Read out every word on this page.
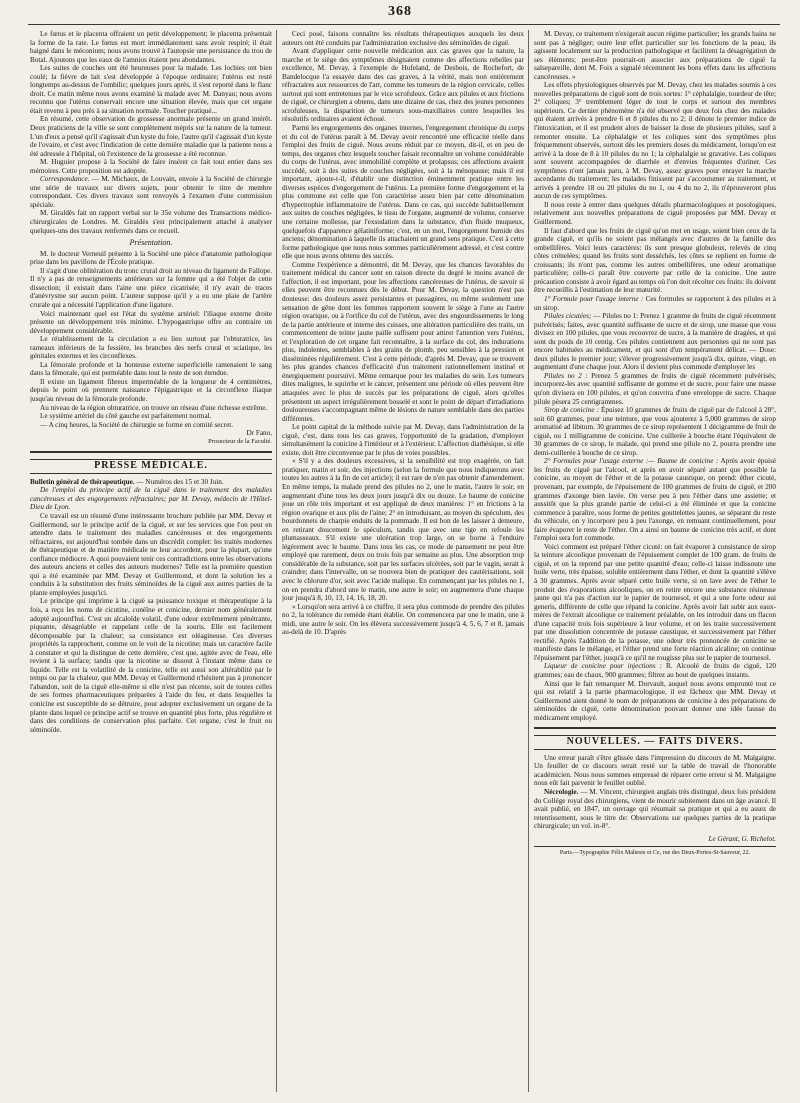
368

Le fœtus et le placenta offraient un petit développement; le placenta présentait la forme de la rate. Le fœtus est mort immédiatement sans avoir respiré; il était baigné dans le méconium; nous avons trouvé à l'autopsie une persistance du trou de Botal. Ajoutons que les eaux de l'amnios étaient peu abondantes.

Les suites de couches ont été heureuses pour la malade. Les lochies ont bien coulé; la fièvre de lait s'est développée à l'époque ordinaire; l'utérus est resté longtemps au-dessus de l'ombilic; quelques jours après, il s'est reporté dans le flanc droit. Ce matin même nous avons examiné la malade avec M. Danyau; nous avons reconnu que l'utérus conservait encore une situation élevée, mais que cet organe était revenu à peu près à sa situation normale. Toucher pratiqué...

En résumé, cette observation de grossesse anormale présente un grand intérêt. Deux praticiens de la ville se sont complètement mépris sur la nature de la tumeur. L'un d'eux a pensé qu'il s'agissait d'un kyste du foie, l'autre qu'il s'agissait d'un kyste de l'ovaire, et c'est avec l'indication de cette dernière maladie que la patiente nous a été adressée à l'hôpital, où l'existence de la grossesse a été reconnue.

M. Huguier propose à la Société de faire insérer ce fait tout entier dans ses mémoires. Cette proposition est adoptée.

Correspondance. — M. Michaux, de Louvain, envoie à la Société de chirurgie une série de travaux sur divers sujets, pour obtenir le titre de membre correspondant. Ces divers travaux sont renvoyés à l'examen d'une commission spéciale.

M. Giraldès fait un rapport verbal sur le 35e volume des Transactions médico-chirurgicales de Londres. M. Giraldès s'est principalement attaché à analyser quelques-uns des travaux renfermés dans ce recueil.

Présentation.

M. le docteur Verneuil présente à la Société une pièce d'anatomie pathologique prise dans les pavillons de l'École pratique.

Il s'agit d'une oblitération du tronc crural droit au niveau du ligament de Fallope. Il n'y a pas de renseignements antérieurs sur la femme qui a été l'objet de cette dissection; il existait dans l'aine une pièce cicatrisée; il n'y avait de traces d'anévrysme sur aucun point. L'auteur suppose qu'il y a eu une plaie de l'artère crurale qui a nécessité l'application d'une ligature.

Voici maintenant quel est l'état du système artériel: l'iliaque externe droite présente un développement très minime. L'hypogastrique offre au contraire un développement considérable.

Le rétablissement de la circulation a eu lieu surtout par l'obturatrice, les rameaux inférieurs de la fessière, les branches des nerfs crural et sciatique, les génitales externes et les circonflexes.

La fémorale profonde et la honteuse externe superficielle ramenaient le sang dans la fémorale, qui est perméable dans tout le reste de son étendue.

Il existe un ligament fibreux imperméable de la longueur de 4 centimètres, depuis le point où prennent naissance l'épigastrique et la circonflexe iliaque jusqu'au niveau de la fémorale profonde.

Au niveau de la région obturatrice, on trouve un réseau d'une richesse extrême.

Le système artériel du côté gauche est parfaitement normal.

— A cinq heures, la Société de chirurgie se forme en comité secret.

Dr Fano,

Prosecteur de la Faculté.

PRESSE MÉDICALE.

Bulletin général de thérapeutique. — Numéros des 15 et 30 Juin.

De l'emploi du principe actif de la ciguë dans le traitement des maladies cancéreuses et des engorgements réfractaires; par M. Devay, médecin de l'Hôtel-Dieu de Lyon.

Ce travail est un résumé d'une intéressante brochure publiée par MM. Devay et Guillermond, sur le principe actif de la ciguë, et sur les services que l'on peut en attendre dans le traitement des maladies cancéreuses et des engorgements réfractaires, est aujourd'hui tombée dans un discrédit complet: les traités modernes de thérapeutique et de matière médicale ne leur accordent, pour la plupart, qu'une confiance médiocre. A quoi pouvaient tenir ces contradictions entre les observations des auteurs anciens et celles des auteurs modernes? Telle est la première question qui a été examinée par MM. Devay et Guillermond, et dont la solution les a conduits à la substitution des fruits séminoïdes de la ciguë aux autres parties de la plante employées jusqu'ici.

Le principe qui imprime à la ciguë sa puissance toxique et thérapeutique à la fois, a reçu les noms de cicutine, conéïne et conicine, dernier nom généralement adopté aujourd'hui. C'est un alcaloïde volatil, d'une odeur extrêmement pénétrante, piquante, désagréable et rappelant celle de la souris. Elle est facilement décomposable par la chaleur; sa consistance est oléagineuse. Ces diverses propriétés la rapprochent, comme on le voit de la nicotine; mais un caractère facile à constater et qui la distingue de cette dernière, c'est que, agitée avec de l'eau, elle revient à la surface; tandis que la nicotine se dissout à l'instant même dans ce liquide. Telle est la volatilité de la conicine, telle est aussi son altérabilité par le temps ou par la chaleur, que MM. Devay et Guillermond n'hésitent pas à prononcer l'abandon, soit de la ciguë elle-même si elle n'est pas récente, soit de toutes celles de ses formes pharmaceutiques préparées à l'aide du feu, et dans lesquelles la conicine est susceptible de se détruire, pour adopter exclusivement un organe de la plante dans lequel ce principe actif se trouve en quantité plus forte, plus régulière et dans des conditions de conservation plus parfaite. Cet organe, c'est le fruit ou séminoïde.

Ceci posé, faisons connaître les résultats thérapeutiques auxquels les deux auteurs ont été conduits par l'administration exclusive des séminoïdes de ciguë.

Avant d'appliquer cette nouvelle médication aux cas graves que la nature, la marche et le siège des symptômes désignaient comme des affections rebelles par excellence, M. Devay, à l'exemple de Hufeland, de Desbois, de Rochefort, de Bandelocque l'a essayée dans des cas graves, à la vérité, mais non entièrement réfractaires aux ressources de l'art, comme les tumeurs de la région cervicale, celles surtout qui sont entretenues par le vice scrofuleux. Grâce aux pilules et aux frictions de ciguë, ce chirurgien a obtenu, dans une dizaine de cas, chez des jeunes personnes scrofuleuses, la disparition de tumeurs sous-maxillaires contre lesquelles les résolutifs ordinaires avaient échoué.

Parmi les engorgements des organes internes, l'engorgement chronique du corps et du col de l'utérus paraît à M. Devay avoir rencontré une efficacité réelle dans l'emploi des fruits de ciguë. Nous avons réduit par ce moyen, dit-il, et en peu de temps, des organes chez lesquels toucher faisait reconnaître un volume considérable du corps de l'utérus, avec immobilité complète et prolapsus; ces affections avaient succédé, soit à des suites de couches négligées, soit à la ménopause; mais il est important, ajoute-t-il, d'établir une distinction éminemment pratique entre les diverses espèces d'engorgement de l'utérus. La première forme d'engorgement et la plus commune est celle que l'on caractérise assez bien par cette dénomination d'hypertrophie inflammatoire de l'utérus. Dans ce cas, qui succède habituellement aux suites de couches négligées, le tissu de l'organe, augmenté de volume, conserve une certaine mollesse, par l'exsudation dans la substance, d'un fluide muqueux, quelquefois d'apparence gélatiniforme; c'est, en un mot, l'engorgement humide des anciens; dénomination à laquelle ils attachaient un grand sens pratique. C'est à cette forme pathologique que nous nous sommes particulièrement adressé, et c'est contre elle que nous avons obtenu des succès.

Comme l'expérience a démontré, dit M. Devay, que les chances favorables du traitement médical du cancer sont en raison directe du degré le moins avancé de l'affection, il est important, pour les affections cancéreuses de l'utérus, de savoir si elles peuvent être reconnues dès le début. Pour M. Devay, la question n'est pas douteuse: des douleurs assez persistantes et passagères, ou même seulement une sensation de gêne dont les femmes rapportent souvent le siège à l'une au l'autre région ovarique, ou à l'orifice du col de l'utérus, avec des engourdissements le long de la partie antérieure et interne des cuisses, une altération particulière des traits, un commencement de teinte jaune paille suffisent pour attirer l'attention vers l'utérus, et l'exploration de cet organe fait reconnaître, à la surface du col, des indurations plus, indolentes, semblables à des grains de plomb, peu sensibles à la pression et disséminées régulièrement. C'est à cette période, d'après M. Devay, que se trouvent les plus grandes chances d'efficacité d'un traitement rationnellement institué et énergiquement poursuivi. Même remarque pour les maladies du sein. Les tumeurs dites malignes, le squirrhe et le cancer, présentent une période où elles peuvent être attaquées avec le plus de succès par les préparations de ciguë, alors qu'elles présentent un aspect irrégulièrement bosselé et sont le point de départ d'irradiations douloureuses s'accompagnant même de lésions de nature semblable dans des parties différentes.

Le point capital de la méthode suivie par M. Devay, dans l'administration de la ciguë, c'est, dans tous les cas graves, l'opportunité de la gradation, d'employer simultanément la conicine à l'intérieur et à l'extérieur. L'affection diathésique, si elle existe, doit être circonvenue par le plus de voies possibles.

« S'il y a des douleurs excessives, si la sensibilité est trop exagérée, on fait pratiquer, matin et soir, des injections (selon la formule que nous indiquerons avec toutes les autres à la fin de cet article); il est rare de n'en pas obtenir d'amendement. En même temps, la malade prend des pilules no 2, une le matin, l'autre le soir, en augmentant d'une tous les deux jours jusqu'à dix ou douze. Le baume de conicine joue un rôle très important et est appliqué de deux manières: 1° en frictions à la région ovarique et aux plis de l'aine; 2° en introduisant, au moyen du spéculum, des bourdonnets de charpie enduits de la pommade. Il est bon de les laisser à demeure, en retirant doucement le spéculum, tandis que avec une tige en refoule les plumasseaux. S'il existe une ulcération trop large, on se borne à l'enduire légèrement avec le baume. Dans tous les cas, ce mode de pansement ne peut être employé que rarement, deux ou trois fois par semaine au plus. Une absorption trop considérable de la substance, soit par les surfaces ulcérées, soit par le vagin, serait à craindre; dans l'intervalle, on se trouvera bien de pratiquer des cautérisations, soit avec le chlorure d'or, soit avec l'acide malique. En commençant par les pilules no 1, on en prendra d'abord une le matin, une autre le soir; on augmentera d'une chaque jour jusqu'à 8, 10, 13, 14, 16, 18, 20.

« Lorsqu'on sera arrivé à ce chiffre, il sera plus commode de prendre des pilules no 2, la tolérance du remède étant établie. On commencera par une le matin, une à midi, une autre le soir. On les élèvera successivement jusqu'à 4, 5, 6, 7 et 8, jamais au-delà de 10. D'après

M. Devay, ce traitement n'exigerait aucun régime particulier; les grands bains ne sont pas à négliger; outre leur effet particulier sur les fonctions de la peau, ils agissent localement sur la production pathologique et facilitent la désagrégation de ses éléments; peut-être pourrait-on associer aux préparations de ciguë la salsepareille, dont M. Foix a signalé récemment les bons effets dans les affections cancéreuses. »

Les effets physiologiques observés par M. Devay, chez les malades soumis à ces nouvelles préparations de ciguë sont de trois sortes: 1° céphalalgie, tourdeur de tête; 2° coliques; 3° tremblement léger de tout le corps et surtout des membres supérieurs. Ce dernier phénomène n'a été observé que deux fois chez des malades qui étaient arrivés à prendre 6 et 8 pilules du no 2; il dénote le premier indice de l'intoxication, et il est prudent alors de baisser la dose de plusieurs pilules, sauf à remonter ensuite. La céphalalgie et les coliques sont des symptômes plus fréquemment observés, surtout dès les premiers doses du médicament, lorsqu'on est arrivé à la dose de 8 à 10 pilules du no 1; la céphalalgie se gravative. Les coliques sont souvent accompagnées de diarrhée et d'envies fréquentes d'uriner. Ces symptômes n'ont jamais paru, à M. Devay, assez graves pour enrayer la marche ascendante du traitement; les malades finissent par s'accoutumer au traitement, et arrivés à prendre 18 ou 20 pilules du no 1, ou 4 du no 2, ils n'éprouveront plus aucun de ces symptômes.

Il nous reste à entrer dans quelques détails pharmacologiques et posologiques, relativement aux nouvelles préparations de ciguë proposées par MM. Devay et Guillermond.

Il faut d'abord que les fruits de ciguë qu'on met en usage, soient bien ceux de la grande ciguë, et qu'ils ne soient pas mélangés avec d'autres de la famille des ombellifères. Voici leurs caractères: ils sont presque globuleux, relevés de cinq côtes crénelées; quand les fruits sont desséchés, les côtes se replient en forme de croissants; ils n'ont pas, comme les autres ombellifères, une odeur aromatique particulière; celle-ci paraît être couverte par celle de la conicine. Une autre précaution consiste à avoir égard au temps où l'on doit récolter ces fruits: ils doivent être recueillis à l'estimation de leur maturité.

1° Formule pour l'usage interne : Ces formules se rapportent à des pilules et à un sirop.

Pilules cicutées; — Pilules no 1: Prenez 1 gramme de fruits de ciguë récemment pulvérisés; faites, avec quantité suffisante de sucre et de sirop, une masse que vous divisez en 100 pilules, que vous recouvrez de sucre, à la manière de dragées, et qui sont du poids de 10 centig. Ces pilules contiennent aux personnes qui ne sont pas encore habituées au médicament, et qui sont d'un tempérament délicat. — Dose: deux pilules le premier jour; s'élever progressivement jusqu'à dix, quinze, vingt, en augmentant d'une chaque jour. Alors il devient plus commode d'employer les

Pilules no 2 : Prenez 5 grammes de fruits de ciguë récemment pulvérisés; incorporez-les avec quantité suffisante de gomme et de sucre, pour faire une masse qu'on divisera en 100 pilules, et qu'on couvrira d'une enveloppe de sucre. Chaque pilule pèsera 25 centigrammes.

Sirop de conicine : Épuisez 10 grammes de fruits de ciguë par de l'alcool à 28°, soit 60 grammes, pour une teinture, que vous ajouterez à 5,000 grammes de sirop aromatisé ad libitum. 30 grammes de ce sirop représentent 1 décigramme de fruit de ciguë, ou 1 milligramme de conicine. Une cuillerée à bouche étant l'équivalent de 30 grammes de ce sirop, le malade, qui prend une pilule no 2, pourra prendre une demi-cuillerée à bouche de ce sirop.

2° Formules pour l'usage externe :— Baume de conicine : Après avoir épuisé les fruits de ciguë par l'alcool, et après en avoir séparé autant que possible la conicine, au moyen de l'éther et de la potasse caustique, on prend: éther cicuté, provenant, par exemple, de l'épuisement de 100 grammes de fruits de ciguë, et 200 grammes d'axonge bien lavée. On verse peu à peu l'éther dans une assiette; et aussitôt que la plus grande partie de celui-ci a été éliminée et que la conicine commence à paraître, sous forme de petites gouttelettes jaunes, se séparant du reste du véhicule, on y incorpore peu à peu l'axonge, en remuant continuellement, pour faire évaporer le reste de l'éther. On a ainsi un baume de conicine très actif, et dont l'emploi sera fort commode.

Voici comment est préparé l'éther cicuté: on fait évaporer à consistance de sirop la teinture alcoolique provenant de l'épuisement complet de 100 gram. de fruits de ciguë, et on la reprend par une petite quantité d'eau; celle-ci laisse indissoute une huile verte, très épaisse, soluble entièrement dans l'éther, et dont la quantité s'élève à 30 grammes. Après avoir séparé cette huile verte, si on lave avec de l'éther le produit des évaporations alcooliques, on en retire encore une substance résineuse jaune qui n'a pas d'action sur le papier de tournesol, et qui a une forte odeur sui generis, différente de celle que répand la conicine. Après avoir fait subir aux eaux-mères de l'extrait alcoolique ce traitement préalable, on les introduit dans un flacon d'une capacité trois fois supérieure à leur volume, et on les traite successivement par une dissolution concentrée de potasse caustique, et successivement par l'éther rectifié. Après l'addition de la potasse, une odeur très prononcée de conicine se manifeste dans le mélange, et l'éther prend une forte réaction alcaline; on continue l'épuisement par l'éther, jusqu'à ce qu'il ne rougisse plus sur le papier de tournesol.

Liqueur de conicine pour injections : R. Alcoolé de fruits de ciguë, 120 grammes; eau de chaux, 900 grammes; filtrez au bout de quelques instants.

Ainsi que le fait remarquer M. Dorvault, auquel nous avons emprunté tout ce qui est relatif à la partie pharmacologique, il est fâcheux que MM. Devay et Guillermond aient donné le nom de préparations de conicine à des préparations de séminoïdes de ciguë, cette dénomination pouvant donner une idée fausse du médicament employé.

NOUVELLES. — FAITS DIVERS.

Une erreur paraît s'être glissée dans l'impression du discours de M. Malgaigne. Un feuillet de ce discours serait resté sur la table de travail de l'honorable académicien. Nous nous sommes empressé de réparer cette erreur si M. Malgaigne nous eût fait parvenir le feuillet oublié.

Nécrologie. — M. Vincent, chirurgien anglais très distingué, deux fois président du Collége royal des chirurgiens, vient de mourir subitement dans un âge avancé. Il avait publié, en 1847, un ouvrage qui résumait sa pratique et qui a eu assez de retentissement, sous le titre de: Observations sur quelques parties de la pratique chirurgicale; un vol. in-8°.

Le Gérant, G. Richelot.

Paris.—Typographie Félix Malteste et Ce, rue des Deux-Portes-St-Sauveur, 22.
